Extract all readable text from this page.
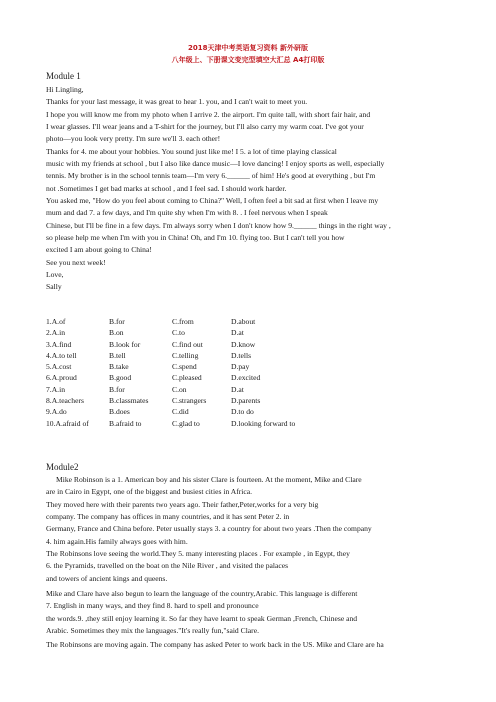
2018天津中考英语复习资料 新外研版
八年级上、下册课文变完型填空大汇总 A4打印版
Module 1
Hi Lingling,
Thanks for your last message, it was great to hear 1. you, and I can't wait to meet you.
I hope you will know me from my photo when I arrive 2. the airport. I'm quite tall, with short fair hair, and
I wear glasses. I'll wear jeans and a T-shirt for the journey, but I'll also carry my warm coat. I've got your
photo—you look very pretty. I'm sure we'll 3. each other!
Thanks for 4. me about your hobbies. You sound just like me! I 5. a lot of time playing classical
music with my friends at school , but I also like dance music—I love dancing! I enjoy sports as well, especially
tennis. My brother is in the school tennis team—I'm very 6.______ of him! He's good at everything , but I'm
not .Sometimes I get bad marks at school , and I feel sad. I should work harder.
You asked me, "How do you feel about coming to China?" Well, I often feel a bit sad at first when I leave my
mum and dad 7. a few days, and I'm quite shy when I'm with 8. . I feel nervous when I speak
Chinese, but I'll be fine in a few days. I'm always sorry when I don't know how 9.______ things in the right way ,
so please help me when I'm with you in China! Oh, and I'm 10. flying too. But I can't tell you how
excited I am about going to China!
See you next week!
Love,
Sally
1.A.of	B.for	C.from	D.about
2.A.in	B.on	C.to	D.at
3.A.find	B.look for	C.find out	D.know
4.A.to tell	B.tell	C.telling	D.tells
5.A.cost	B.take	C.spend	D.pay
6.A.proud	B.good	C.pleased	D.excited
7.A.in	B.for	C.on	D.at
8.A.teachers	B.classmates	C.strangers	D.parents
9.A.do	B.does	C.did	D.to do
10.A.afraid of	B.afraid to	C.glad to	D.looking forward to
Module2
Mike Robinson is a 1. American boy and his sister Clare is fourteen. At the moment, Mike and Clare
are in Cairo in Egypt, one of the biggest and busiest cities in Africa.
They moved here with their parents two years ago. Their father,Peter,works for a very big
company. The company has offices in many countries, and it has sent Peter 2. in
Germany, France and China before. Peter usually stays 3. a country for about two years .Then the company
4. him again.His family always goes with him.
The Robinsons love seeing the world.They 5. many interesting places . For example , in Egypt, they
6. the Pyramids, travelled on the boat on the Nile River , and visited the palaces
and towers of ancient kings and queens.
Mike and Clare have also begun to learn the language of the country,Arabic. This language is different
7. English in many ways, and they find 8. hard to spell and pronounce
the words.9. ,they still enjoy learning it. So far they have learnt to speak German ,French, Chinese and
Arabic. Sometimes they mix the languages."It's really fun,"said Clare.
The Robinsons are moving again. The company has asked Peter to work back in the US. Mike and Clare are ha
